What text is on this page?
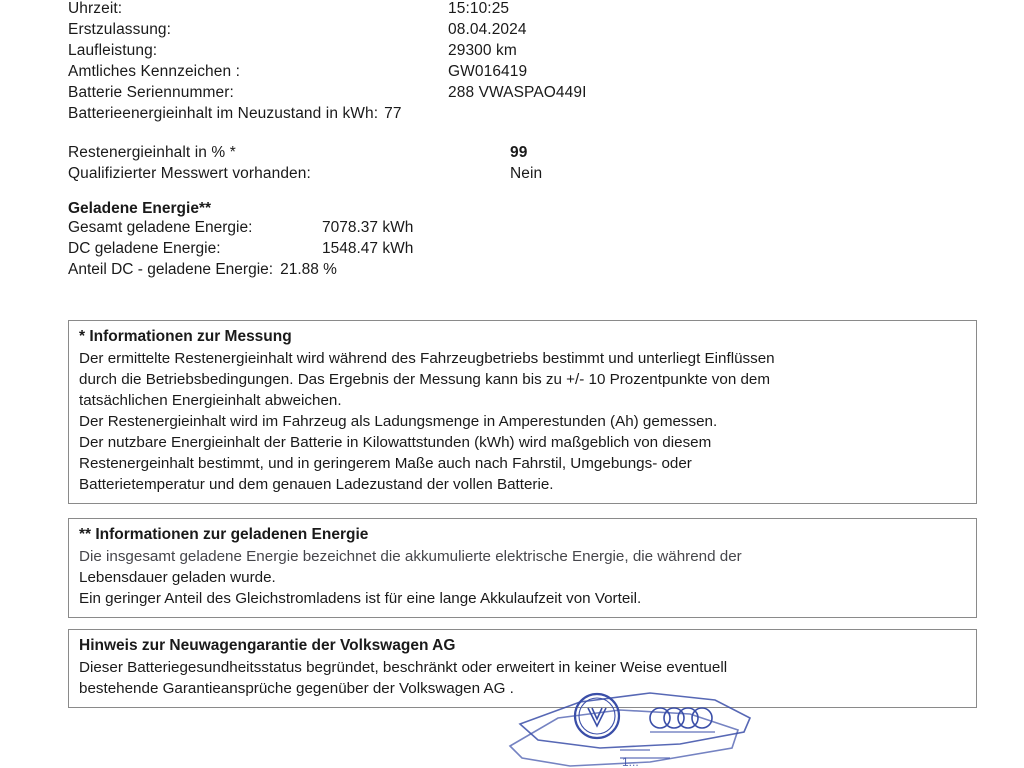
Uhrzeit:	15:10:25
Erstzulassung:	08.04.2024
Laufleistung:	29300 km
Amtliches Kennzeichen :	GW016419
Batterie Seriennummer:	288 VWASPAO449I
Batterieenergieinhalt im Neuzustand in kWh: 77
Restenergieinhalt in % *	99
Qualifizierter Messwert vorhanden:	Nein
Geladene Energie**
Gesamt geladene Energie:	7078.37 kWh
DC geladene Energie:	1548.47 kWh
Anteil DC - geladene Energie: 21.88 %
* Informationen zur Messung
Der ermittelte Restenergieinhalt wird während des Fahrzeugbetriebs bestimmt und unterliegt Einflüssen
durch die Betriebsbedingungen. Das Ergebnis der Messung kann bis zu +/- 10 Prozentpunkte von dem
tatsächlichen Energieinhalt abweichen.
Der Restenergieinhalt wird im Fahrzeug als Ladungsmenge in Amperestunden (Ah) gemessen.
Der nutzbare Energieinhalt der Batterie in Kilowattstunden (kWh) wird maßgeblich von diesem
Restenergeinhalt bestimmt, und in geringerem Maße auch nach Fahrstil, Umgebungs- oder
Batterietemperatur und dem genauen Ladezustand der vollen Batterie.
** Informationen zur geladenen Energie
Die insgesamt geladene Energie bezeichnet die akkumulierte elektrische Energie, die während der
Lebensdauer geladen wurde.
Ein geringer Anteil des Gleichstromladens ist für eine lange Akkulaufzeit von Vorteil.
Hinweis zur Neuwagengarantie der Volkswagen AG
Dieser Batteriegesundheitsstatus begründet, beschränkt oder erweitert in keiner Weise eventuell
bestehende Garantieansprüche gegenüber der Volkswagen AG .
1...
